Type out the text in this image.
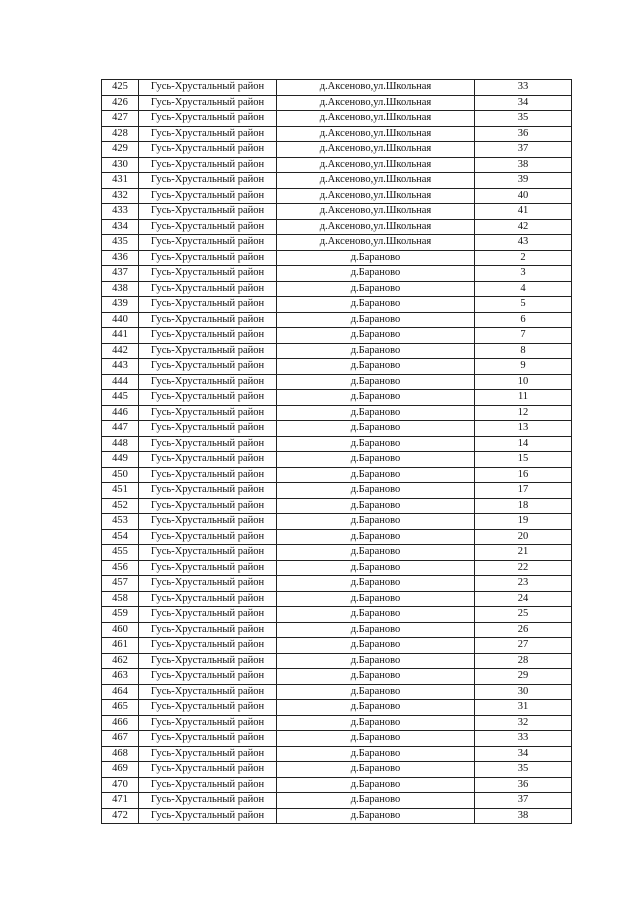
425	Гусь-Хрустальный район	д.Аксеново,ул.Школьная	33
426	Гусь-Хрустальный район	д.Аксеново,ул.Школьная	34
427	Гусь-Хрустальный район	д.Аксеново,ул.Школьная	35
428	Гусь-Хрустальный район	д.Аксеново,ул.Школьная	36
429	Гусь-Хрустальный район	д.Аксеново,ул.Школьная	37
430	Гусь-Хрустальный район	д.Аксеново,ул.Школьная	38
431	Гусь-Хрустальный район	д.Аксеново,ул.Школьная	39
432	Гусь-Хрустальный район	д.Аксеново,ул.Школьная	40
433	Гусь-Хрустальный район	д.Аксеново,ул.Школьная	41
434	Гусь-Хрустальный район	д.Аксеново,ул.Школьная	42
435	Гусь-Хрустальный район	д.Аксеново,ул.Школьная	43
436	Гусь-Хрустальный район	д.Бараново	2
437	Гусь-Хрустальный район	д.Бараново	3
438	Гусь-Хрустальный район	д.Бараново	4
439	Гусь-Хрустальный район	д.Бараново	5
440	Гусь-Хрустальный район	д.Бараново	6
441	Гусь-Хрустальный район	д.Бараново	7
442	Гусь-Хрустальный район	д.Бараново	8
443	Гусь-Хрустальный район	д.Бараново	9
444	Гусь-Хрустальный район	д.Бараново	10
445	Гусь-Хрустальный район	д.Бараново	11
446	Гусь-Хрустальный район	д.Бараново	12
447	Гусь-Хрустальный район	д.Бараново	13
448	Гусь-Хрустальный район	д.Бараново	14
449	Гусь-Хрустальный район	д.Бараново	15
450	Гусь-Хрустальный район	д.Бараново	16
451	Гусь-Хрустальный район	д.Бараново	17
452	Гусь-Хрустальный район	д.Бараново	18
453	Гусь-Хрустальный район	д.Бараново	19
454	Гусь-Хрустальный район	д.Бараново	20
455	Гусь-Хрустальный район	д.Бараново	21
456	Гусь-Хрустальный район	д.Бараново	22
457	Гусь-Хрустальный район	д.Бараново	23
458	Гусь-Хрустальный район	д.Бараново	24
459	Гусь-Хрустальный район	д.Бараново	25
460	Гусь-Хрустальный район	д.Бараново	26
461	Гусь-Хрустальный район	д.Бараново	27
462	Гусь-Хрустальный район	д.Бараново	28
463	Гусь-Хрустальный район	д.Бараново	29
464	Гусь-Хрустальный район	д.Бараново	30
465	Гусь-Хрустальный район	д.Бараново	31
466	Гусь-Хрустальный район	д.Бараново	32
467	Гусь-Хрустальный район	д.Бараново	33
468	Гусь-Хрустальный район	д.Бараново	34
469	Гусь-Хрустальный район	д.Бараново	35
470	Гусь-Хрустальный район	д.Бараново	36
471	Гусь-Хрустальный район	д.Бараново	37
472	Гусь-Хрустальный район	д.Бараново	38
